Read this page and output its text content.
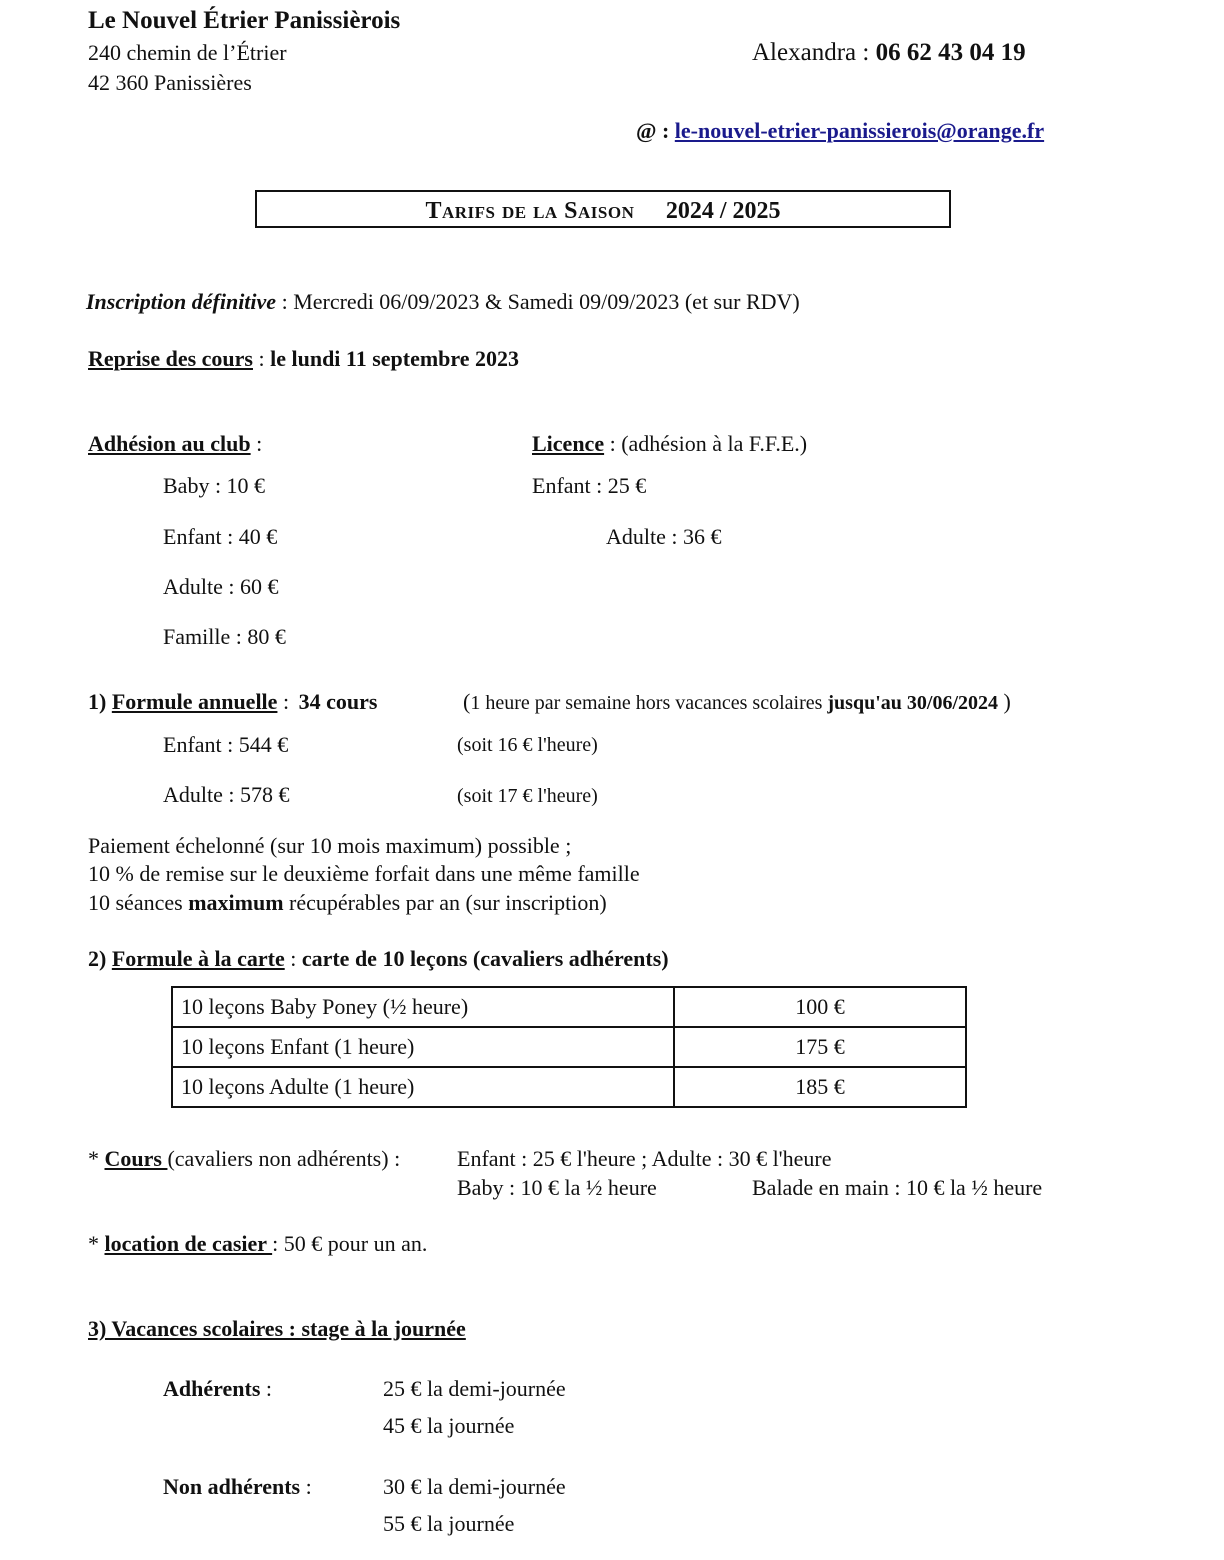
Le Nouvel Étrier Panissièrois
240 chemin de l’Étrier
42 360 Panissières
Alexandra : 06 62 43 04 19
@ : le-nouvel-etrier-panissierois@orange.fr
Tarifs de la Saison 2024 / 2025
Inscription définitive : Mercredi 06/09/2023 & Samedi 09/09/2023 (et sur RDV)
Reprise des cours : le lundi 11 septembre 2023
Adhésion au club :
Baby : 10 €
Enfant : 40 €
Adulte : 60 €
Famille : 80 €
Licence : (adhésion à la F.F.E.)
Enfant : 25 €
Adulte : 36 €
1) Formule annuelle : 34 cours	(1 heure par semaine hors vacances scolaires jusqu'au 30/06/2024 )
Enfant : 544 €	(soit 16 € l'heure)
Adulte : 578 €	(soit 17 € l'heure)
Paiement échelonné (sur 10 mois maximum) possible ;
10 % de remise sur le deuxième forfait dans une même famille
10 séances maximum récupérables par an (sur inscription)
2) Formule à la carte : carte de 10 leçons (cavaliers adhérents)
10 leçons Baby Poney (½ heure)	100 €
10 leçons Enfant (1 heure)	175 €
10 leçons Adulte (1 heure)	185 €
* Cours (cavaliers non adhérents) :	Enfant : 25 € l'heure ; Adulte : 30 € l'heure
Baby : 10 € la ½ heure	Balade en main : 10 € la ½ heure
* location de casier : 50 € pour un an.
3) Vacances scolaires : stage à la journée
Adhérents :	25 € la demi-journée
45 € la journée
Non adhérents :	30 € la demi-journée
55 € la journée
